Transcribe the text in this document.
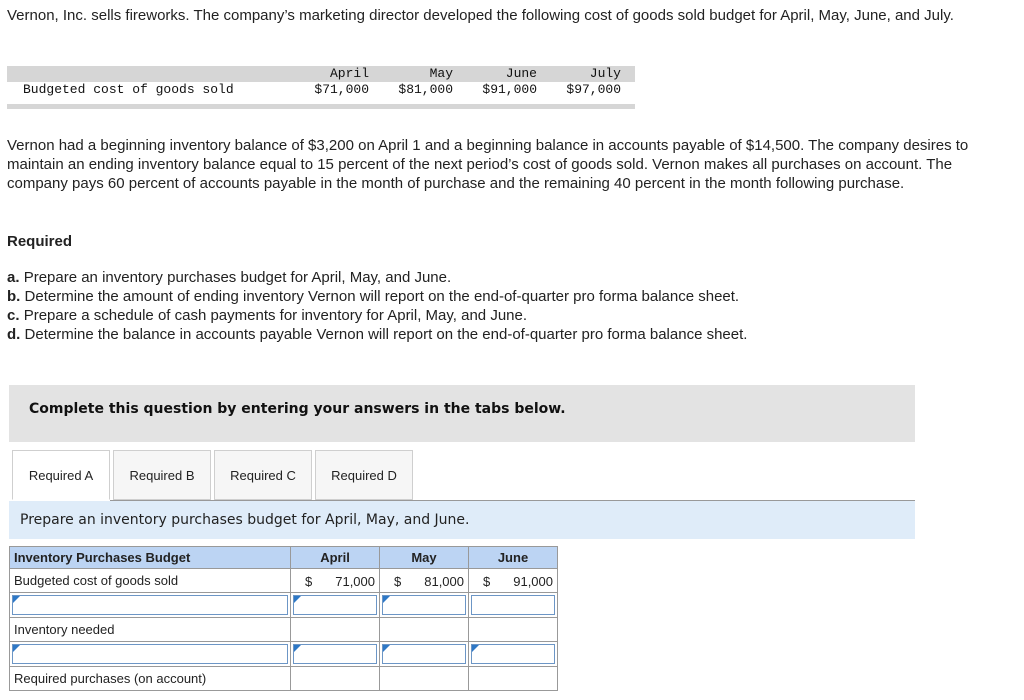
Vernon, Inc. sells fireworks. The company’s marketing director developed the following cost of goods sold budget for April, May, June, and July.

Budgeted cost of goods sold
April	May	June	July
$71,000	$81,000	$91,000	$97,000

Vernon had a beginning inventory balance of $3,200 on April 1 and a beginning balance in accounts payable of $14,500. The company desires to maintain an ending inventory balance equal to 15 percent of the next period’s cost of goods sold. Vernon makes all purchases on account. The company pays 60 percent of accounts payable in the month of purchase and the remaining 40 percent in the month following purchase.

Required
a. Prepare an inventory purchases budget for April, May, and June.
b. Determine the amount of ending inventory Vernon will report on the end-of-quarter pro forma balance sheet.
c. Prepare a schedule of cash payments for inventory for April, May, and June.
d. Determine the balance in accounts payable Vernon will report on the end-of-quarter pro forma balance sheet.
Complete this question by entering your answers in the tabs below.
Required A	Required B	Required C	Required D
Prepare an inventory purchases budget for April, May, and June.
Inventory Purchases Budget	April	May	June
Budgeted cost of goods sold	$ 71,000	$ 81,000	$ 91,000

Inventory needed			

Required purchases (on account)			
